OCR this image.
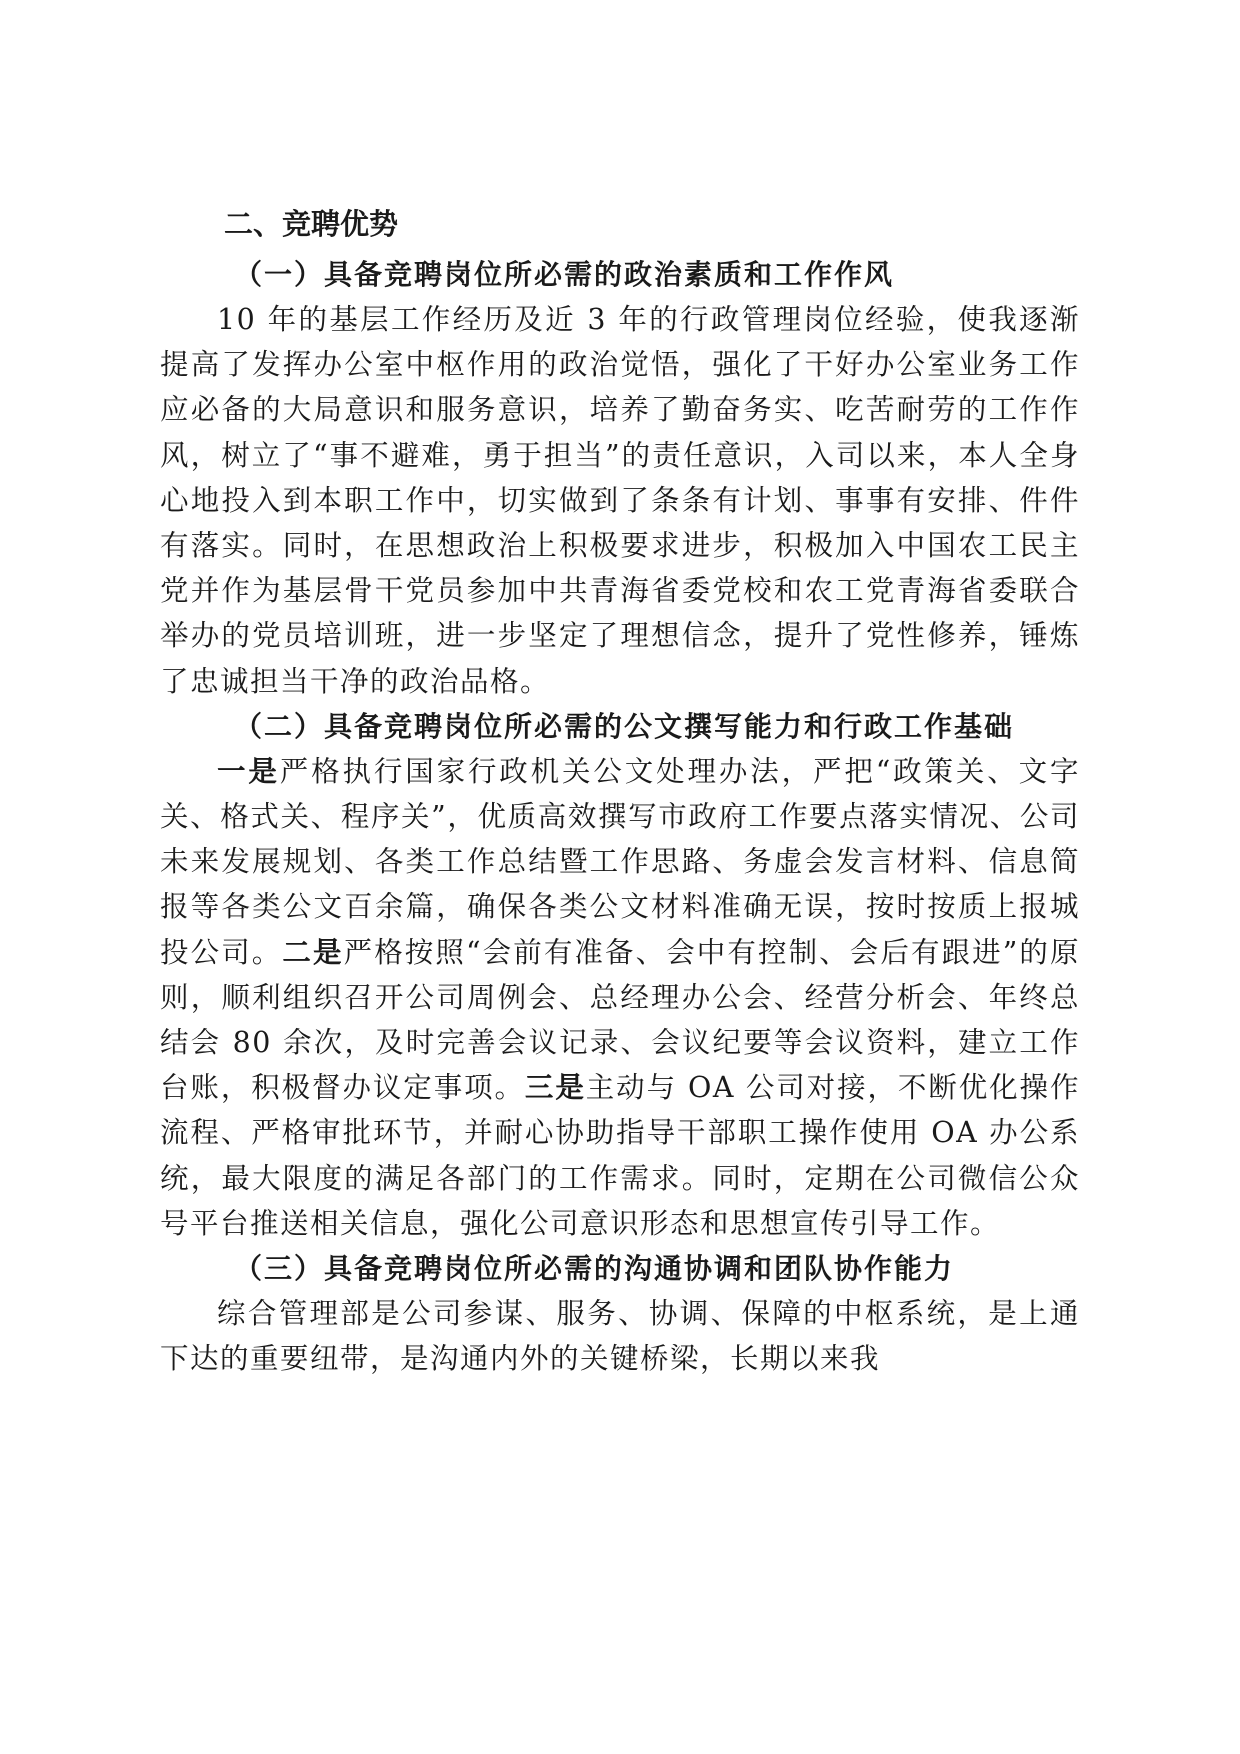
二、竞聘优势
（一）具备竞聘岗位所必需的政治素质和工作作风

10 年的基层工作经历及近 3 年的行政管理岗位经验，使我逐渐提高了发挥办公室中枢作用的政治觉悟，强化了干好办公室业务工作应必备的大局意识和服务意识，培养了勤奋务实、吃苦耐劳的工作作风，树立了“事不避难，勇于担当”的责任意识，入司以来，本人全身心地投入到本职工作中，切实做到了条条有计划、事事有安排、件件有落实。同时，在思想政治上积极要求进步，积极加入中国农工民主党并作为基层骨干党员参加中共青海省委党校和农工党青海省委联合举办的党员培训班，进一步坚定了理想信念，提升了党性修养，锤炼了忠诚担当干净的政治品格。

（二）具备竞聘岗位所必需的公文撰写能力和行政工作基础

一是严格执行国家行政机关公文处理办法，严把“政策关、文字关、格式关、程序关”，优质高效撰写市政府工作要点落实情况、公司未来发展规划、各类工作总结暨工作思路、务虚会发言材料、信息简报等各类公文百余篇，确保各类公文材料准确无误，按时按质上报城投公司。二是严格按照“会前有准备、会中有控制、会后有跟进”的原则，顺利组织召开公司周例会、总经理办公会、经营分析会、年终总结会 80 余次，及时完善会议记录、会议纪要等会议资料，建立工作台账，积极督办议定事项。三是主动与 OA 公司对接，不断优化操作流程、严格审批环节，并耐心协助指导干部职工操作使用 OA 办公系统，最大限度的满足各部门的工作需求。同时，定期在公司微信公众号平台推送相关信息，强化公司意识形态和思想宣传引导工作。

（三）具备竞聘岗位所必需的沟通协调和团队协作能力

综合管理部是公司参谋、服务、协调、保障的中枢系统，是上通下达的重要纽带，是沟通内外的关键桥梁，长期以来我
